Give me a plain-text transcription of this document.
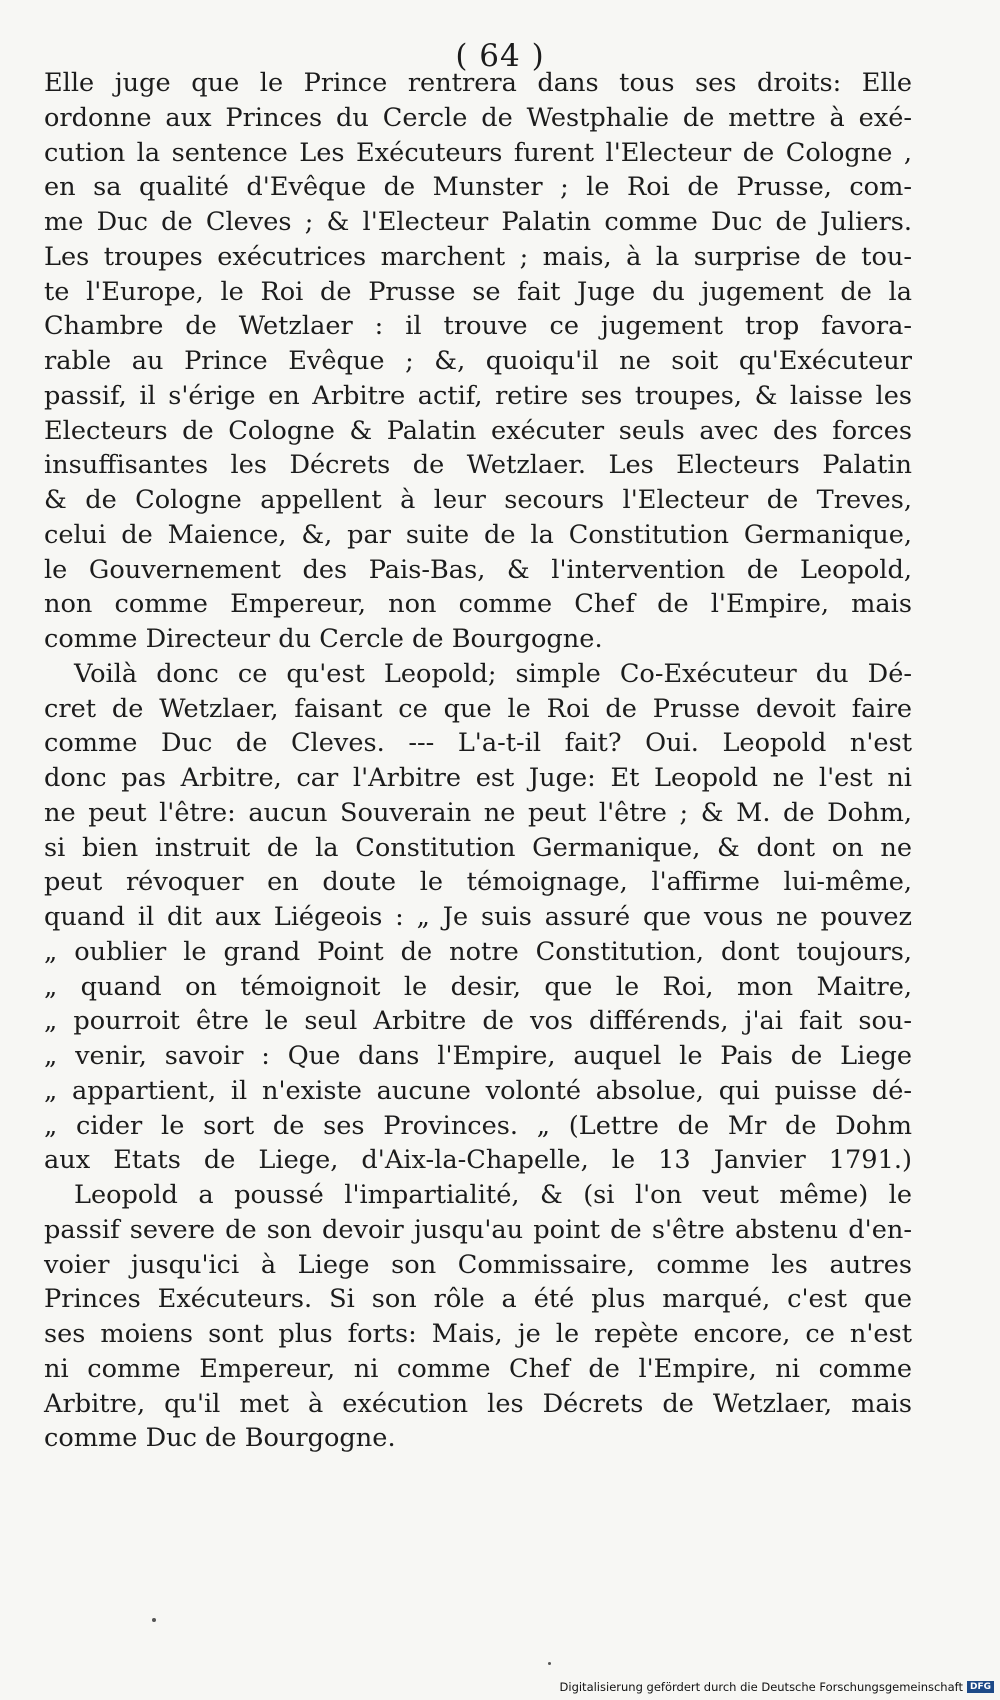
( 64 )
Elle juge que le Prince rentrera dans tous ses droits: Elle
ordonne aux Princes du Cercle de Westphalie de mettre à exé-
cution la sentence Les Exécuteurs furent l'Electeur de Cologne ,
en sa qualité d'Evêque de Munster ; le Roi de Prusse, com-
me Duc de Cleves ; & l'Electeur Palatin comme Duc de Juliers.
Les troupes exécutrices marchent ; mais, à la surprise de tou-
te l'Europe, le Roi de Prusse se fait Juge du jugement de la
Chambre de Wetzlaer : il trouve ce jugement trop favora-
rable au Prince Evêque ; &, quoiqu'il ne soit qu'Exécuteur
passif, il s'érige en Arbitre actif, retire ses troupes, & laisse les
Electeurs de Cologne & Palatin exécuter seuls avec des forces
insuffisantes les Décrets de Wetzlaer. Les Electeurs Palatin
& de Cologne appellent à leur secours l'Electeur de Treves,
celui de Maience, &, par suite de la Constitution Germanique,
le Gouvernement des Pais-Bas, & l'intervention de Leopold,
non comme Empereur, non comme Chef de l'Empire, mais
comme Directeur du Cercle de Bourgogne.
Voilà donc ce qu'est Leopold; simple Co-Exécuteur du Dé-
cret de Wetzlaer, faisant ce que le Roi de Prusse devoit faire
comme Duc de Cleves. --- L'a-t-il fait? Oui. Leopold n'est
donc pas Arbitre, car l'Arbitre est Juge: Et Leopold ne l'est ni
ne peut l'être: aucun Souverain ne peut l'être ; & M. de Dohm,
si bien instruit de la Constitution Germanique, & dont on ne
peut révoquer en doute le témoignage, l'affirme lui-même,
quand il dit aux Liégeois : „ Je suis assuré que vous ne pouvez
„ oublier le grand Point de notre Constitution, dont toujours,
„ quand on témoignoit le desir, que le Roi, mon Maitre,
„ pourroit être le seul Arbitre de vos différends, j'ai fait sou-
„ venir, savoir : Que dans l'Empire, auquel le Pais de Liege
„ appartient, il n'existe aucune volonté absolue, qui puisse dé-
„ cider le sort de ses Provinces. „ (Lettre de Mr de Dohm
aux Etats de Liege, d'Aix-la-Chapelle, le 13 Janvier 1791.)
Leopold a poussé l'impartialité, & (si l'on veut même) le
passif severe de son devoir jusqu'au point de s'être abstenu d'en-
voier jusqu'ici à Liege son Commissaire, comme les autres
Princes Exécuteurs. Si son rôle a été plus marqué, c'est que
ses moiens sont plus forts: Mais, je le repète encore, ce n'est
ni comme Empereur, ni comme Chef de l'Empire, ni comme
Arbitre, qu'il met à exécution les Décrets de Wetzlaer, mais
comme Duc de Bourgogne.
Digitalisierung gefördert durch die Deutsche Forschungsgemeinschaft DFG
